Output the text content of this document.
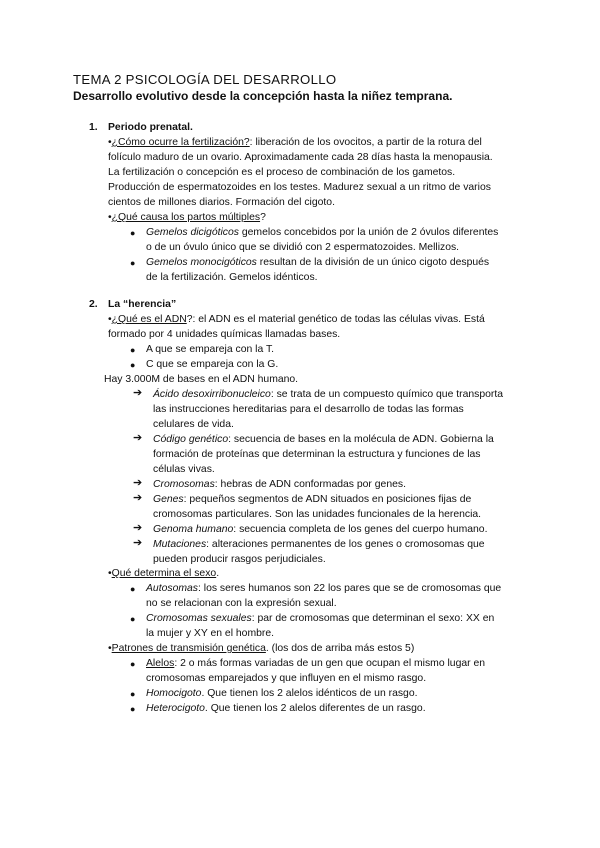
TEMA 2 PSICOLOGÍA DEL DESARROLLO
Desarrollo evolutivo desde la concepción hasta la niñez temprana.
1. Periodo prenatal.
•¿Cómo ocurre la fertilización?: liberación de los ovocitos, a partir de la rotura del
folículo maduro de un ovario. Aproximadamente cada 28 días hasta la menopausia.
La fertilización o concepción es el proceso de combinación de los gametos.
Producción de espermatozoides en los testes. Madurez sexual a un ritmo de varios
cientos de millones diarios. Formación del cigoto.
•¿Qué causa los partos múltiples?
● Gemelos dicigóticos gemelos concebidos por la unión de 2 óvulos diferentes
o de un óvulo único que se dividió con 2 espermatozoides. Mellizos.
● Gemelos monocigóticos resultan de la división de un único cigoto después
de la fertilización. Gemelos idénticos.
2. La “herencia”
•¿Qué es el ADN?: el ADN es el material genético de todas las células vivas. Está
formado por 4 unidades químicas llamadas bases.
● A que se empareja con la T.
● C que se empareja con la G.
Hay 3.000M de bases en el ADN humano.
➔ Ácido desoxirribonucleico: se trata de un compuesto químico que transporta
las instrucciones hereditarias para el desarrollo de todas las formas
celulares de vida.
➔ Código genético: secuencia de bases en la molécula de ADN. Gobierna la
formación de proteínas que determinan la estructura y funciones de las
células vivas.
➔ Cromosomas: hebras de ADN conformadas por genes.
➔ Genes: pequeños segmentos de ADN situados en posiciones fijas de
cromosomas particulares. Son las unidades funcionales de la herencia.
➔ Genoma humano: secuencia completa de los genes del cuerpo humano.
➔ Mutaciones: alteraciones permanentes de los genes o cromosomas que
pueden producir rasgos perjudiciales.
•Qué determina el sexo.
● Autosomas: los seres humanos son 22 los pares que se de cromosomas que
no se relacionan con la expresión sexual.
● Cromosomas sexuales: par de cromosomas que determinan el sexo: XX en
la mujer y XY en el hombre.
•Patrones de transmisión genética. (los dos de arriba más estos 5)
● Alelos: 2 o más formas variadas de un gen que ocupan el mismo lugar en
cromosomas emparejados y que influyen en el mismo rasgo.
● Homocigoto. Que tienen los 2 alelos idénticos de un rasgo.
● Heterocigoto. Que tienen los 2 alelos diferentes de un rasgo.
